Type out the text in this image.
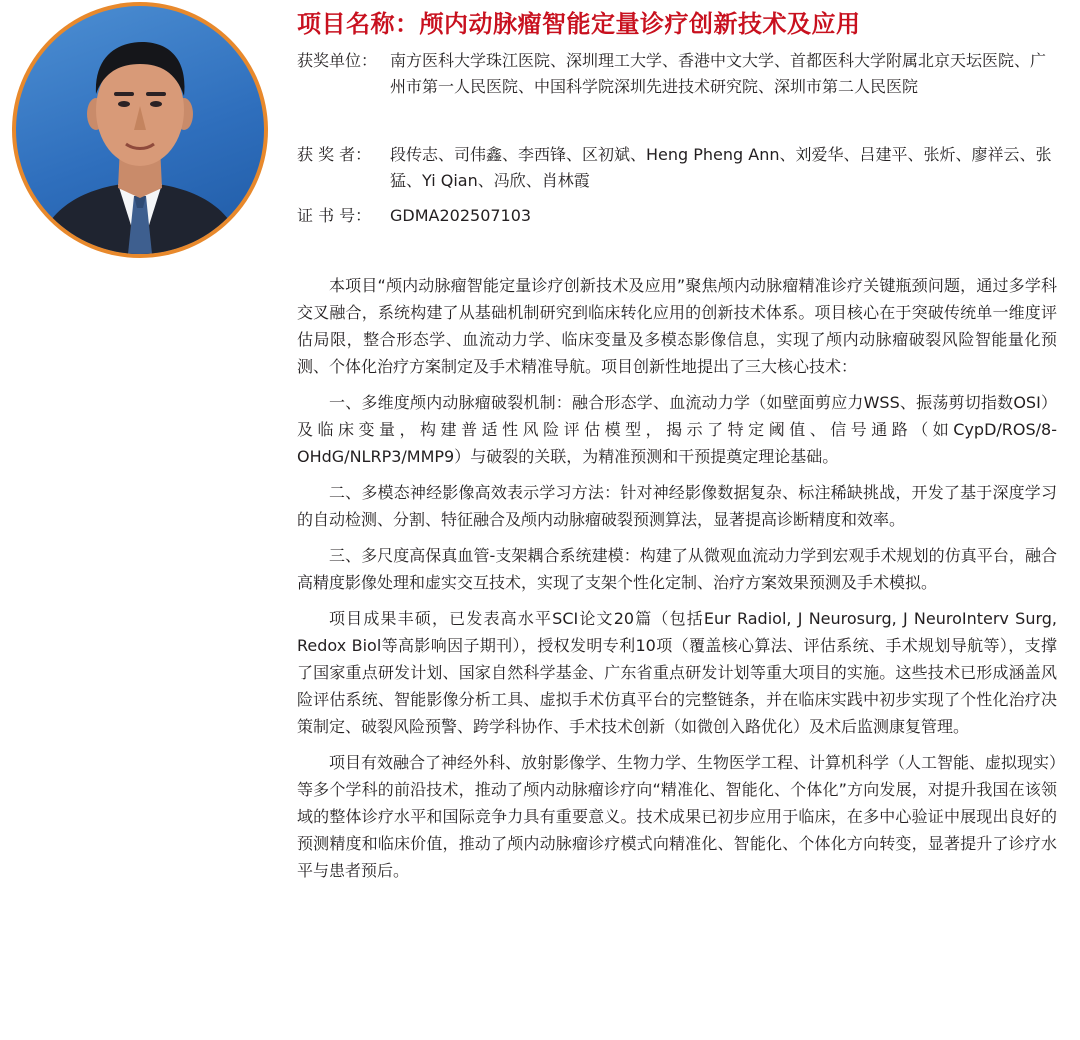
项目名称：颅内动脉瘤智能定量诊疗创新技术及应用
获奖单位： 南方医科大学珠江医院、深圳理工大学、香港中文大学、首都医科大学附属北京天坛医院、广州市第一人民医院、中国科学院深圳先进技术研究院、深圳市第二人民医院
获 奖 者：	段传志、司伟鑫、李西锋、区初斌、Heng Pheng Ann、刘爱华、吕建平、张炘、廖祥云、张猛、Yi Qian、冯欣、肖林霞
证 书 号：	GDMA202507103

本项目“颅内动脉瘤智能定量诊疗创新技术及应用”聚焦颅内动脉瘤精准诊疗关键瓶颈问题，通过多学科交叉融合，系统构建了从基础机制研究到临床转化应用的创新技术体系。项目核心在于突破传统单一维度评估局限，整合形态学、血流动力学、临床变量及多模态影像信息，实现了颅内动脉瘤破裂风险智能量化预测、个体化治疗方案制定及手术精准导航。项目创新性地提出了三大核心技术：

一、多维度颅内动脉瘤破裂机制：融合形态学、血流动力学（如壁面剪应力WSS、振荡剪切指数OSI）及临床变量，构建普适性风险评估模型，揭示了特定阈值、信号通路（如CypD/ROS/8-OHdG/NLRP3/MMP9）与破裂的关联，为精准预测和干预提奠定理论基础。

二、多模态神经影像高效表示学习方法：针对神经影像数据复杂、标注稀缺挑战，开发了基于深度学习的自动检测、分割、特征融合及颅内动脉瘤破裂预测算法，显著提高诊断精度和效率。

三、多尺度高保真血管-支架耦合系统建模：构建了从微观血流动力学到宏观手术规划的仿真平台，融合高精度影像处理和虚实交互技术，实现了支架个性化定制、治疗方案效果预测及手术模拟。

项目成果丰硕，已发表高水平SCI论文20篇（包括Eur Radiol, J Neurosurg, J NeuroInterv Surg, Redox Biol等高影响因子期刊），授权发明专利10项（覆盖核心算法、评估系统、手术规划导航等），支撑了国家重点研发计划、国家自然科学基金、广东省重点研发计划等重大项目的实施。这些技术已形成涵盖风险评估系统、智能影像分析工具、虚拟手术仿真平台的完整链条，并在临床实践中初步实现了个性化治疗决策制定、破裂风险预警、跨学科协作、手术技术创新（如微创入路优化）及术后监测康复管理。

项目有效融合了神经外科、放射影像学、生物力学、生物医学工程、计算机科学（人工智能、虚拟现实）等多个学科的前沿技术，推动了颅内动脉瘤诊疗向“精准化、智能化、个体化”方向发展，对提升我国在该领域的整体诊疗水平和国际竞争力具有重要意义。技术成果已初步应用于临床，在多中心验证中展现出良好的预测精度和临床价值，推动了颅内动脉瘤诊疗模式向精准化、智能化、个体化方向转变，显著提升了诊疗水平与患者预后。
